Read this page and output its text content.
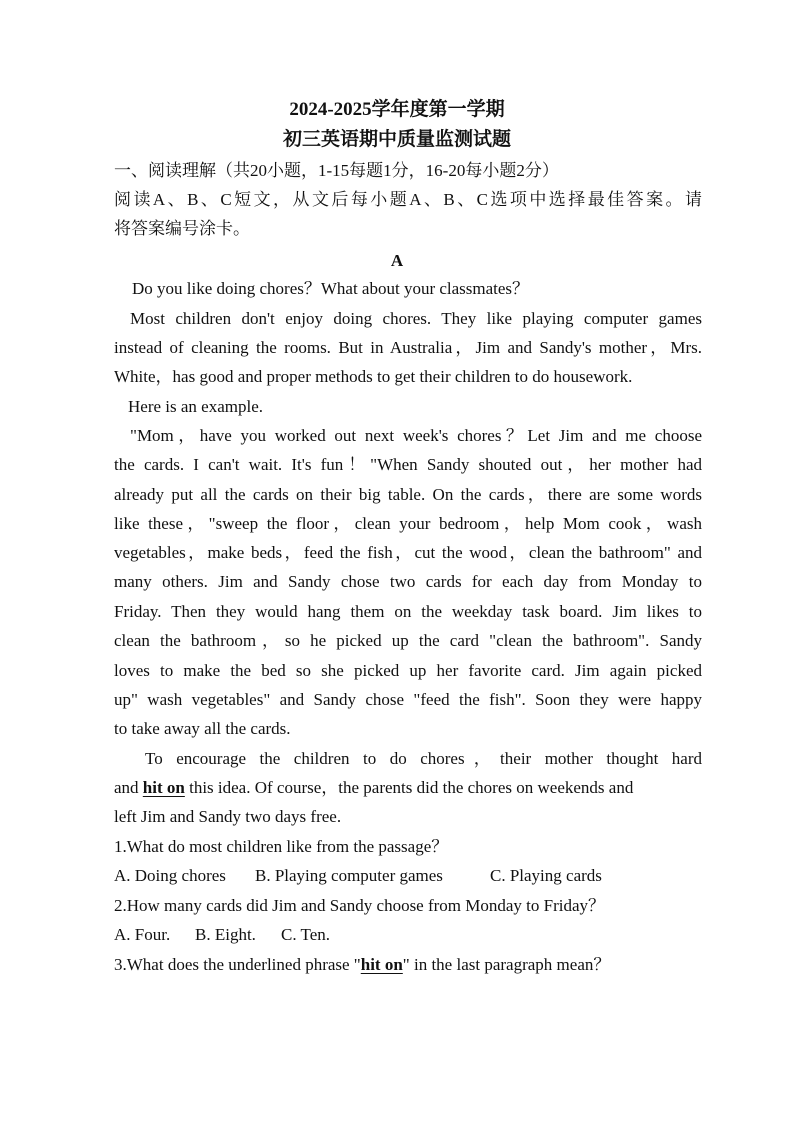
2024-2025学年度第一学期
初三英语期中质量监测试题
一、阅读理解（共20小题，1-15每题1分，16-20每小题2分）
阅读A、B、C短文，从文后每小题A、B、C选项中选择最佳答案。请
将答案编号涂卡。
A
Do you like doing chores？What about your classmates？
Most children don't enjoy doing chores. They like playing computer games
instead of cleaning the rooms. But in Australia，Jim and Sandy's mother，Mrs.
White，has good and proper methods to get their children to do housework.
Here is an example.
"Mom，have you worked out next week's chores？Let Jim and me choose
the cards. I can't wait. It's fun！"When Sandy shouted out，her mother had
already put all the cards on their big table. On the cards，there are some words
like these，"sweep the floor，clean your bedroom，help Mom cook，wash
vegetables，make beds，feed the fish，cut the wood，clean the bathroom" and
many others. Jim and Sandy chose two cards for each day from Monday to
Friday. Then they would hang them on the weekday task board. Jim likes to
clean the bathroom，so he picked up the card "clean the bathroom". Sandy
loves to make the bed so she picked up her favorite card. Jim again picked
up" wash vegetables" and Sandy chose "feed the fish". Soon they were happy
to take away all the cards.
To encourage the children to do chores，their mother thought hard
and hit on this idea. Of course，the parents did the chores on weekends and
left Jim and Sandy two days free.
1.What do most children like from the passage？
A. Doing chores B. Playing computer games	C. Playing cards
2.How many cards did Jim and Sandy choose from Monday to Friday？
A. Four. B. Eight. C. Ten.
3.What does the underlined phrase "hit on" in the last paragraph mean？
